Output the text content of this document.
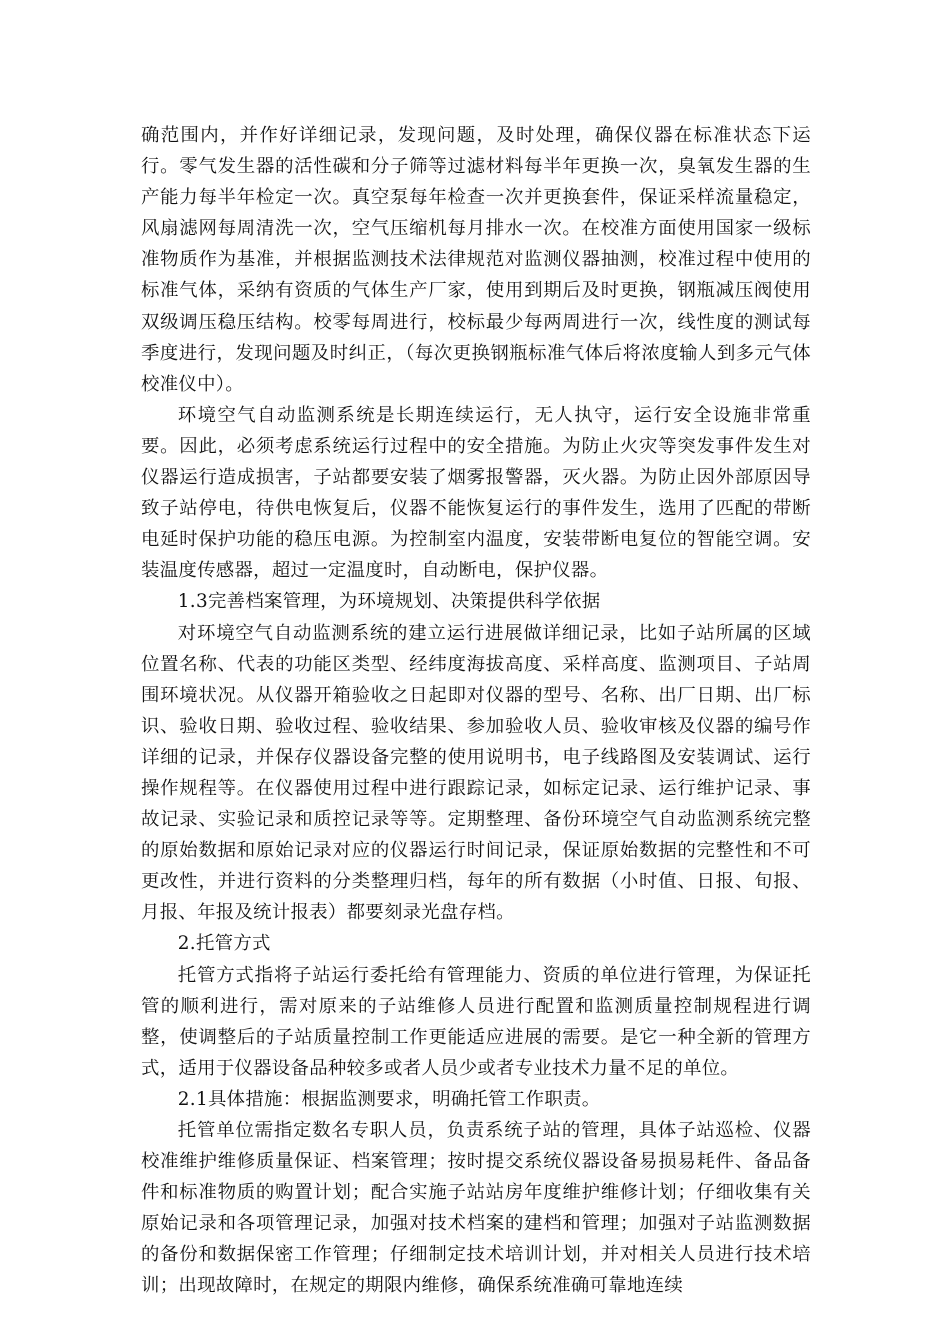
确范围内，并作好详细记录，发现问题，及时处理，确保仪器在标准状态下运行。零气发生器的活性碳和分子筛等过滤材料每半年更换一次，臭氧发生器的生产能力每半年检定一次。真空泵每年检查一次并更换套件，保证采样流量稳定，风扇滤网每周清洗一次，空气压缩机每月排水一次。在校准方面使用国家一级标准物质作为基准，并根据监测技术法律规范对监测仪器抽测，校准过程中使用的标准气体，采纳有资质的气体生产厂家，使用到期后及时更换，钢瓶减压阀使用双级调压稳压结构。校零每周进行，校标最少每两周进行一次，线性度的测试每季度进行，发现问题及时纠正，（每次更换钢瓶标准气体后将浓度输人到多元气体校准仪中）。

环境空气自动监测系统是长期连续运行，无人执守，运行安全设施非常重要。因此，必须考虑系统运行过程中的安全措施。为防止火灾等突发事件发生对仪器运行造成损害，子站都要安装了烟雾报警器，灭火器。为防止因外部原因导致子站停电，待供电恢复后，仪器不能恢复运行的事件发生，选用了匹配的带断电延时保护功能的稳压电源。为控制室内温度，安装带断电复位的智能空调。安装温度传感器，超过一定温度时，自动断电，保护仪器。

1.3完善档案管理，为环境规划、决策提供科学依据

对环境空气自动监测系统的建立运行进展做详细记录，比如子站所属的区域位置名称、代表的功能区类型、经纬度海拔高度、采样高度、监测项目、子站周围环境状况。从仪器开箱验收之日起即对仪器的型号、名称、出厂日期、出厂标识、验收日期、验收过程、验收结果、参加验收人员、验收审核及仪器的编号作详细的记录，并保存仪器设备完整的使用说明书，电子线路图及安装调试、运行操作规程等。在仪器使用过程中进行跟踪记录，如标定记录、运行维护记录、事故记录、实验记录和质控记录等等。定期整理、备份环境空气自动监测系统完整的原始数据和原始记录对应的仪器运行时间记录，保证原始数据的完整性和不可更改性，并进行资料的分类整理归档，每年的所有数据（小时值、日报、旬报、月报、年报及统计报表）都要刻录光盘存档。

2.托管方式

托管方式指将子站运行委托给有管理能力、资质的单位进行管理，为保证托管的顺利进行，需对原来的子站维修人员进行配置和监测质量控制规程进行调整，使调整后的子站质量控制工作更能适应进展的需要。是它一种全新的管理方式，适用于仪器设备品种较多或者人员少或者专业技术力量不足的单位。

2.1具体措施：根据监测要求，明确托管工作职责。

托管单位需指定数名专职人员，负责系统子站的管理，具体子站巡检、仪器校准维护维修质量保证、档案管理；按时提交系统仪器设备易损易耗件、备品备件和标准物质的购置计划；配合实施子站站房年度维护维修计划；仔细收集有关原始记录和各项管理记录，加强对技术档案的建档和管理；加强对子站监测数据的备份和数据保密工作管理；仔细制定技术培训计划，并对相关人员进行技术培训；出现故障时，在规定的期限内维修，确保系统准确可靠地连续
